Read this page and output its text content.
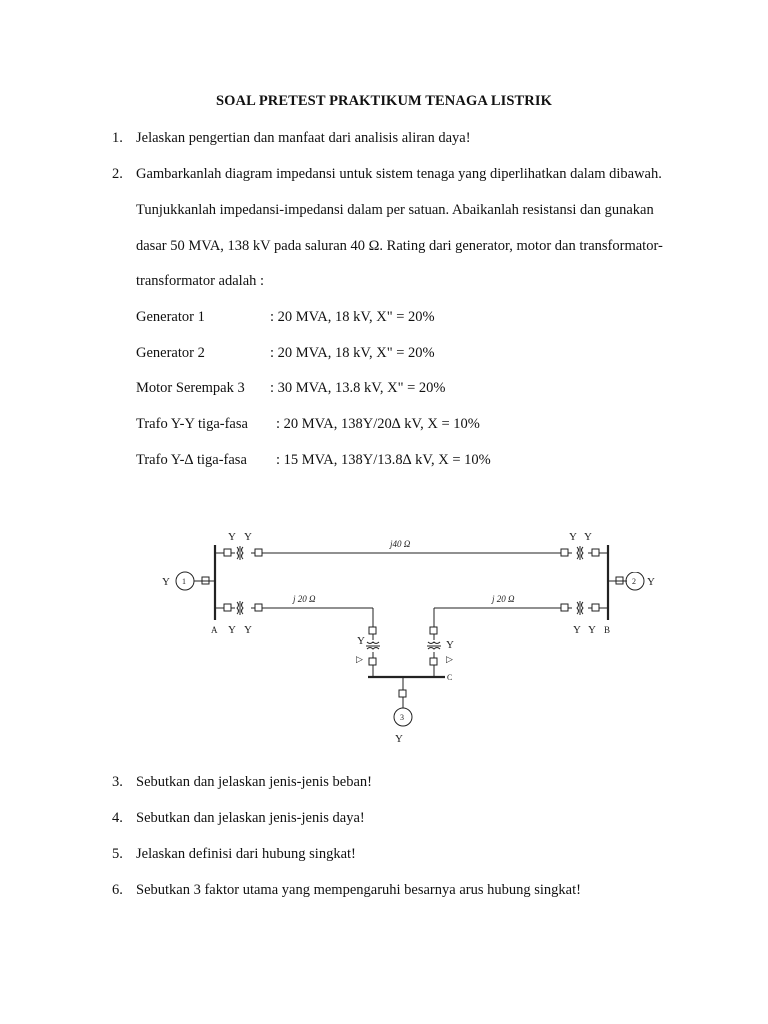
SOAL PRETEST PRAKTIKUM TENAGA LISTRIK
1. Jelaskan pengertian dan manfaat dari analisis aliran daya!
2. Gambarkanlah diagram impedansi untuk sistem tenaga yang diperlihatkan dalam dibawah.
Tunjukkanlah impedansi-impedansi dalam per satuan. Abaikanlah resistansi dan gunakan
dasar 50 MVA, 138 kV pada saluran 40 Ω. Rating dari generator, motor dan transformator-
transformator adalah :
Generator 1	: 20 MVA, 18 kV, X" = 20%
Generator 2	: 20 MVA, 18 kV, X" = 20%
Motor Serempak 3 : 30 MVA, 13.8 kV, X" = 20%
Trafo Y-Y tiga-fasa : 20 MVA, 138Y/20∆ kV, X = 10%
Trafo Y-∆ tiga-fasa : 15 MVA, 138Y/13.8∆ kV, X = 10%
j40 Ω
j 20 Ω	j 20 Ω
A	B
C
1
3
Y
Y Y
Y Y
Y Y
Y Y
Y	Y
Y
▷	▷
2 Y
3. Sebutkan dan jelaskan jenis-jenis beban!
4. Sebutkan dan jelaskan jenis-jenis daya!
5. Jelaskan definisi dari hubung singkat!
6. Sebutkan 3 faktor utama yang mempengaruhi besarnya arus hubung singkat!
